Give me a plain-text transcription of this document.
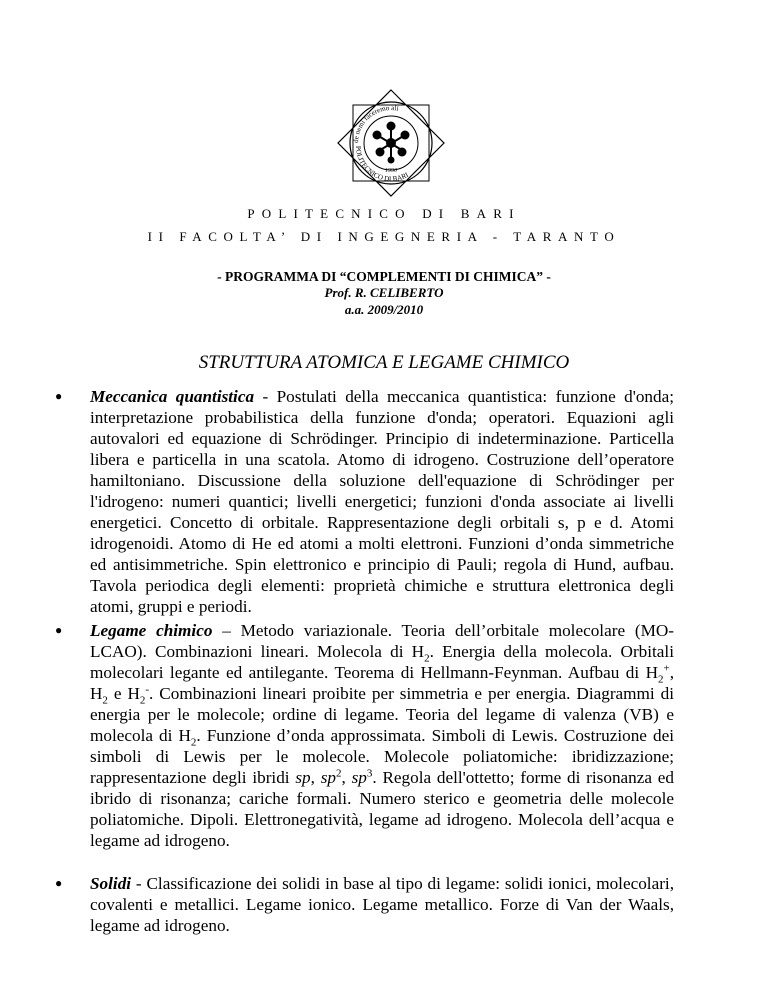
de nemi faceremo ali
POLITECNICO DI BARI
1990
POLITECNICO DI BARI
II FACOLTA’ DI INGEGNERIA - TARANTO
- PROGRAMMA DI “COMPLEMENTI DI CHIMICA” -
Prof. R. CELIBERTO
a.a. 2009/2010
STRUTTURA ATOMICA E LEGAME CHIMICO
● Meccanica quantistica - Postulati della meccanica quantistica: funzione d'onda; interpretazione probabilistica della funzione d'onda; operatori. Equazioni agli autovalori ed equazione di Schrödinger. Principio di indeterminazione. Particella libera e particella in una scatola. Atomo di idrogeno. Costruzione dell’operatore hamiltoniano. Discussione della soluzione dell'equazione di Schrödinger per l'idrogeno: numeri quantici; livelli energetici; funzioni d'onda associate ai livelli energetici. Concetto di orbitale. Rappresentazione degli orbitali s, p e d. Atomi idrogenoidi. Atomo di He ed atomi a molti elettroni. Funzioni d’onda simmetriche ed antisimmetriche. Spin elettronico e principio di Pauli; regola di Hund, aufbau. Tavola periodica degli elementi: proprietà chimiche e struttura elettronica degli atomi, gruppi e periodi.
● Legame chimico – Metodo variazionale. Teoria dell’orbitale molecolare (MO-LCAO). Combinazioni lineari. Molecola di $H_2$. Energia della molecola. Orbitali molecolari legante ed antilegante. Teorema di Hellmann-Feynman. Aufbau di $H_2^+$, $H_2$ e $H_2^-$. Combinazioni lineari proibite per simmetria e per energia. Diagrammi di energia per le molecole; ordine di legame. Teoria del legame di valenza (VB) e molecola di $H_2$. Funzione d’onda approssimata. Simboli di Lewis. Costruzione dei simboli di Lewis per le molecole. Molecole poliatomiche: ibridizzazione; rappresentazione degli ibridi sp, $sp^2$, $sp^3$. Regola dell'ottetto; forme di risonanza ed ibrido di risonanza; cariche formali. Numero sterico e geometria delle molecole poliatomiche. Dipoli. Elettronegatività, legame ad idrogeno. Molecola dell’acqua e legame ad idrogeno.
● Solidi - Classificazione dei solidi in base al tipo di legame: solidi ionici, molecolari, covalenti e metallici. Legame ionico. Legame metallico. Forze di Van der Waals, legame ad idrogeno.
